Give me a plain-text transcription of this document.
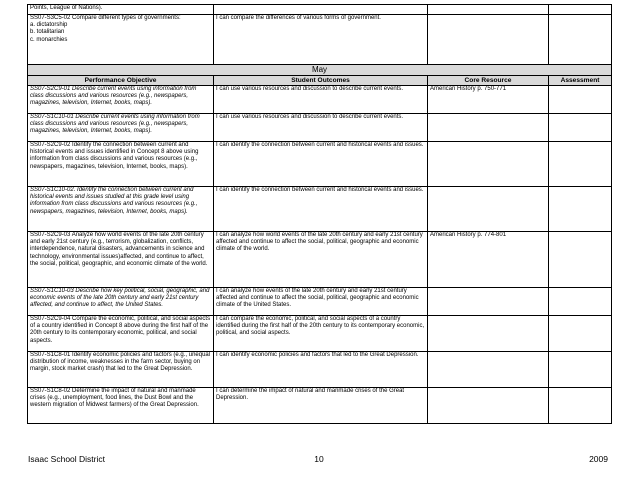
Points, League of Nations).			
SS07-S3C5-02 Compare different types of governments:
a. dictatorship
b. totalitarian
c. monarchies	I can compare the differences of various forms of government.		
May			
Performance Objective	Student Outcomes	Core Resource	Assessment
SS07-S2C9-01 Describe current events using information from class discussions and various resources (e.g., newspapers, magazines, television, Internet, books, maps).	I can use various resources and discussion to describe current events.	American History p. 750-771	
SS07-S1C10-01 Describe current events using information from class discussions and various resources (e.g., newspapers, magazines, television, Internet, books, maps).	I can use various resources and discussion to describe current events.		
SS07-S2C9-02 Identify the connection between current and historical events and issues identified in Concept 8 above using information from class discussions and various resources (e.g., newspapers, magazines, television, Internet, books, maps).	I can identify the connection between current and historical events and issues.		
SS07-S1C10-02. Identify the connection between current and historical events and issues studied at this grade level using information from class discussions and various resources (e.g., newspapers, magazines, television, Internet, books, maps).	I can identify the connection between current and historical events and issues.		
SS07-S2C9-03 Analyze how world events of the late 20th century and early 21st century (e.g., terrorism, globalization, conflicts, interdependence, natural disasters, advancements in science and technology, environmental issues)affected, and continue to affect, the social, political, geographic, and economic climate of the world.	I can analyze how world events of the late 20th century and early 21st century affected and continue to affect the social, political, geographic and economic climate of the world.	American History p. 774-801	
SS07-S1C10-03 Describe how key political, social, geographic, and economic events of the late 20th century and early 21st century affected, and continue to affect, the United States.	I can analyze how events of the late 20th century and early 21st century affected and continue to affect the social, political, geographic and economic climate of the United States.		
SS07-S2C9-04 Compare the economic, political, and social aspects of a country identified in Concept 8 above during the first half of the 20th century to its contemporary economic, political, and social aspects.	I can compare the economic, political, and social aspects of a country identified during the first half of the 20th century to its contemporary economic, political, and social aspects.		
SS07-S1C8-01 Identify economic policies and factors (e.g., unequal distribution of income, weaknesses in the farm sector, buying on margin, stock market crash) that led to the Great Depression.	I can identify economic policies and factors that led to the Great Depression.		
SS07-S1C8-02 Determine the impact of natural and manmade crises (e.g., unemployment, food lines, the Dust Bowl and the western migration of Midwest farmers) of the Great Depression.	I can determine the impact of natural and manmade crises of the Great Depression.		
Isaac School District	10	2009
